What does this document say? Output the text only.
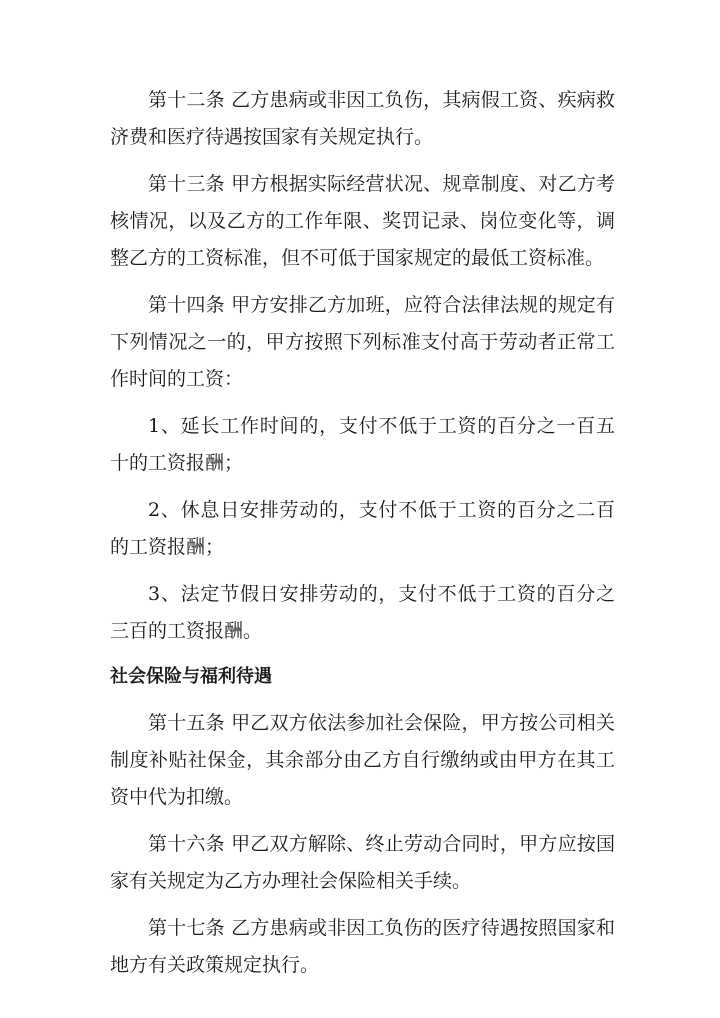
第十二条 乙方患病或非因工负伤，其病假工资、疾病救济费和医疗待遇按国家有关规定执行。

第十三条 甲方根据实际经营状况、规章制度、对乙方考核情况，以及乙方的工作年限、奖罚记录、岗位变化等，调整乙方的工资标准，但不可低于国家规定的最低工资标准。

第十四条 甲方安排乙方加班，应符合法律法规的规定有下列情况之一的，甲方按照下列标准支付高于劳动者正常工作时间的工资：

1、延长工作时间的，支付不低于工资的百分之一百五十的工资报酬；

2、休息日安排劳动的，支付不低于工资的百分之二百的工资报酬；

3、法定节假日安排劳动的，支付不低于工资的百分之三百的工资报酬。

社会保险与福利待遇

第十五条 甲乙双方依法参加社会保险，甲方按公司相关制度补贴社保金，其余部分由乙方自行缴纳或由甲方在其工资中代为扣缴。

第十六条 甲乙双方解除、终止劳动合同时，甲方应按国家有关规定为乙方办理社会保险相关手续。

第十七条 乙方患病或非因工负伤的医疗待遇按照国家和地方有关政策规定执行。
